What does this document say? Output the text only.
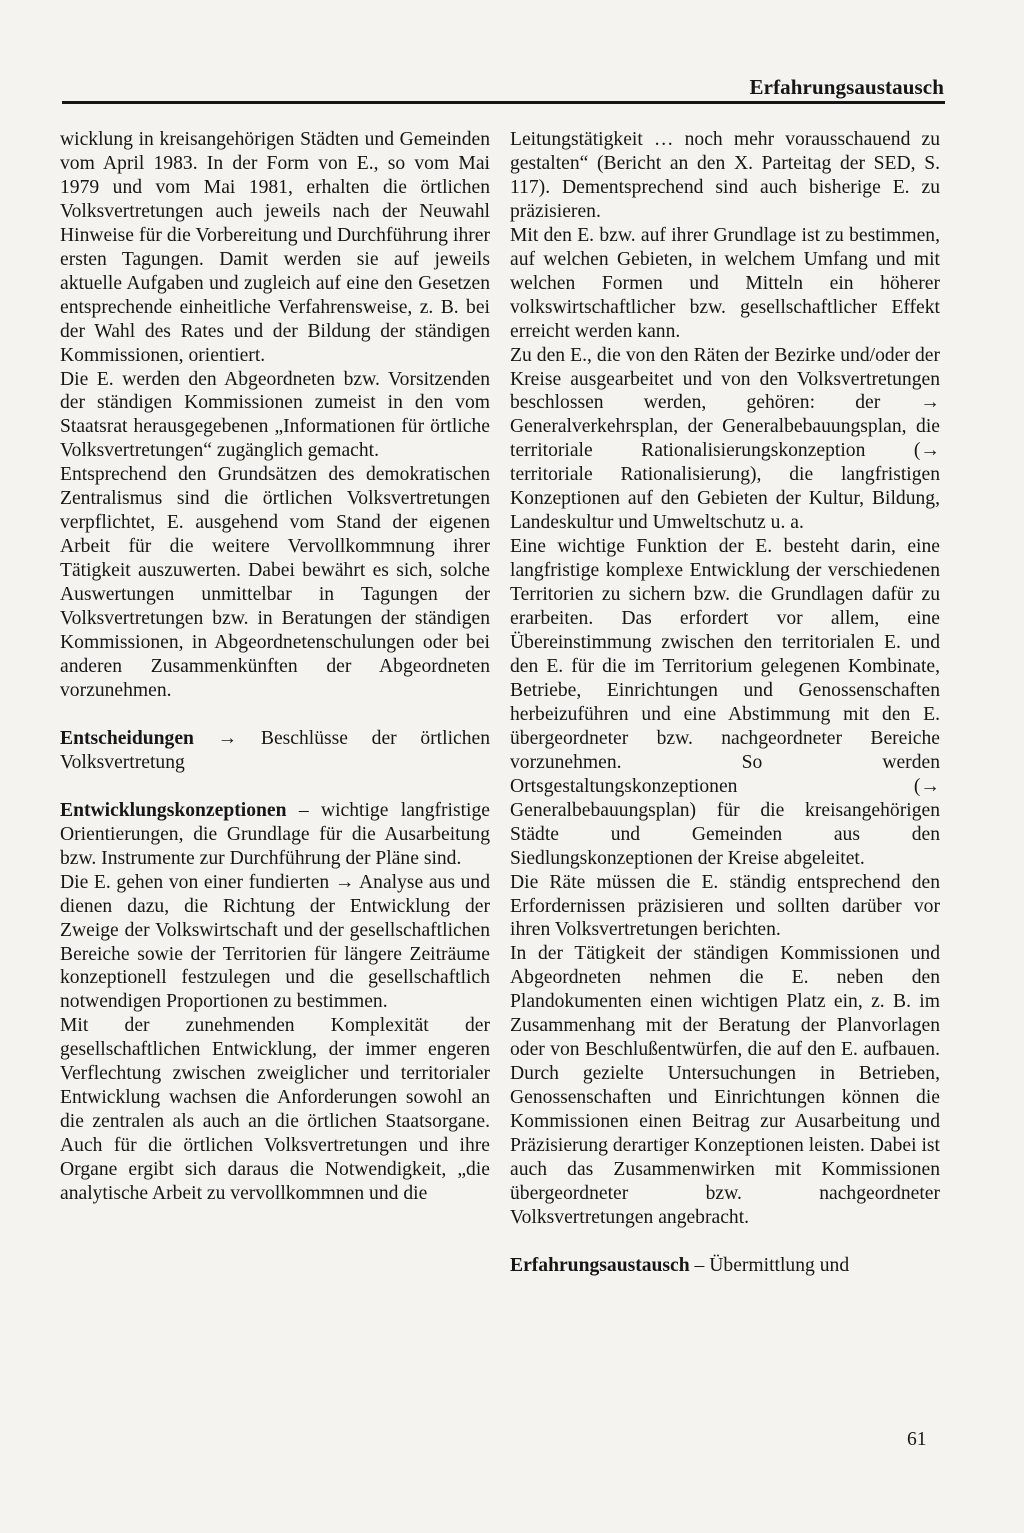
Erfahrungsaustausch

wicklung in kreisangehörigen Städten und Gemeinden vom April 1983. In der Form von E., so vom Mai 1979 und vom Mai 1981, erhalten die örtlichen Volksvertretungen auch jeweils nach der Neuwahl Hinweise für die Vorbereitung und Durchführung ihrer ersten Tagungen. Damit werden sie auf jeweils aktuelle Aufgaben und zugleich auf eine den Gesetzen entsprechende einheitliche Verfahrensweise, z. B. bei der Wahl des Rates und der Bildung der ständigen Kommissionen, orientiert.

Die E. werden den Abgeordneten bzw. Vorsitzenden der ständigen Kommissionen zumeist in den vom Staatsrat herausgegebenen „Informationen für örtliche Volksvertretungen“ zugänglich gemacht.

Entsprechend den Grundsätzen des demokratischen Zentralismus sind die örtlichen Volksvertretungen verpflichtet, E. ausgehend vom Stand der eigenen Arbeit für die weitere Vervollkommnung ihrer Tätigkeit auszuwerten. Dabei bewährt es sich, solche Auswertungen unmittelbar in Tagungen der Volksvertretungen bzw. in Beratungen der ständigen Kommissionen, in Abgeordnetenschulungen oder bei anderen Zusammenkünften der Abgeordneten vorzunehmen.

Entscheidungen → Beschlüsse der örtlichen Volksvertretung

Entwicklungskonzeptionen – wichtige langfristige Orientierungen, die Grundlage für die Ausarbeitung bzw. Instrumente zur Durchführung der Pläne sind.

Die E. gehen von einer fundierten → Analyse aus und dienen dazu, die Richtung der Entwicklung der Zweige der Volkswirtschaft und der gesellschaftlichen Bereiche sowie der Territorien für längere Zeiträume konzeptionell festzulegen und die gesellschaftlich notwendigen Proportionen zu bestimmen.

Mit der zunehmenden Komplexität der gesellschaftlichen Entwicklung, der immer engeren Verflechtung zwischen zweiglicher und territorialer Entwicklung wachsen die Anforderungen sowohl an die zentralen als auch an die örtlichen Staatsorgane. Auch für die örtlichen Volksvertretungen und ihre Organe ergibt sich daraus die Notwendigkeit, „die analytische Arbeit zu vervollkommnen und die

Leitungstätigkeit … noch mehr vorausschauend zu gestalten“ (Bericht an den X. Parteitag der SED, S. 117). Dementsprechend sind auch bisherige E. zu präzisieren.

Mit den E. bzw. auf ihrer Grundlage ist zu bestimmen, auf welchen Gebieten, in welchem Umfang und mit welchen Formen und Mitteln ein höherer volkswirtschaftlicher bzw. gesellschaftlicher Effekt erreicht werden kann.

Zu den E., die von den Räten der Bezirke und/oder der Kreise ausgearbeitet und von den Volksvertretungen beschlossen werden, gehören: der → Generalverkehrsplan, der Generalbebauungsplan, die territoriale Rationalisierungskonzeption (→ territoriale Rationalisierung), die langfristigen Konzeptionen auf den Gebieten der Kultur, Bildung, Landeskultur und Umweltschutz u. a.

Eine wichtige Funktion der E. besteht darin, eine langfristige komplexe Entwicklung der verschiedenen Territorien zu sichern bzw. die Grundlagen dafür zu erarbeiten. Das erfordert vor allem, eine Übereinstimmung zwischen den territorialen E. und den E. für die im Territorium gelegenen Kombinate, Betriebe, Einrichtungen und Genossenschaften herbeizuführen und eine Abstimmung mit den E. übergeordneter bzw. nachgeordneter Bereiche vorzunehmen. So werden Ortsgestaltungskonzeptionen (→ Generalbebauungsplan) für die kreisangehörigen Städte und Gemeinden aus den Siedlungskonzeptionen der Kreise abgeleitet.

Die Räte müssen die E. ständig entsprechend den Erfordernissen präzisieren und sollten darüber vor ihren Volksvertretungen berichten.

In der Tätigkeit der ständigen Kommissionen und Abgeordneten nehmen die E. neben den Plandokumenten einen wichtigen Platz ein, z. B. im Zusammenhang mit der Beratung der Planvorlagen oder von Beschlußentwürfen, die auf den E. aufbauen. Durch gezielte Untersuchungen in Betrieben, Genossenschaften und Einrichtungen können die Kommissionen einen Beitrag zur Ausarbeitung und Präzisierung derartiger Konzeptionen leisten. Dabei ist auch das Zusammenwirken mit Kommissionen übergeordneter bzw. nachgeordneter Volksvertretungen angebracht.

Erfahrungsaustausch – Übermittlung und

61
